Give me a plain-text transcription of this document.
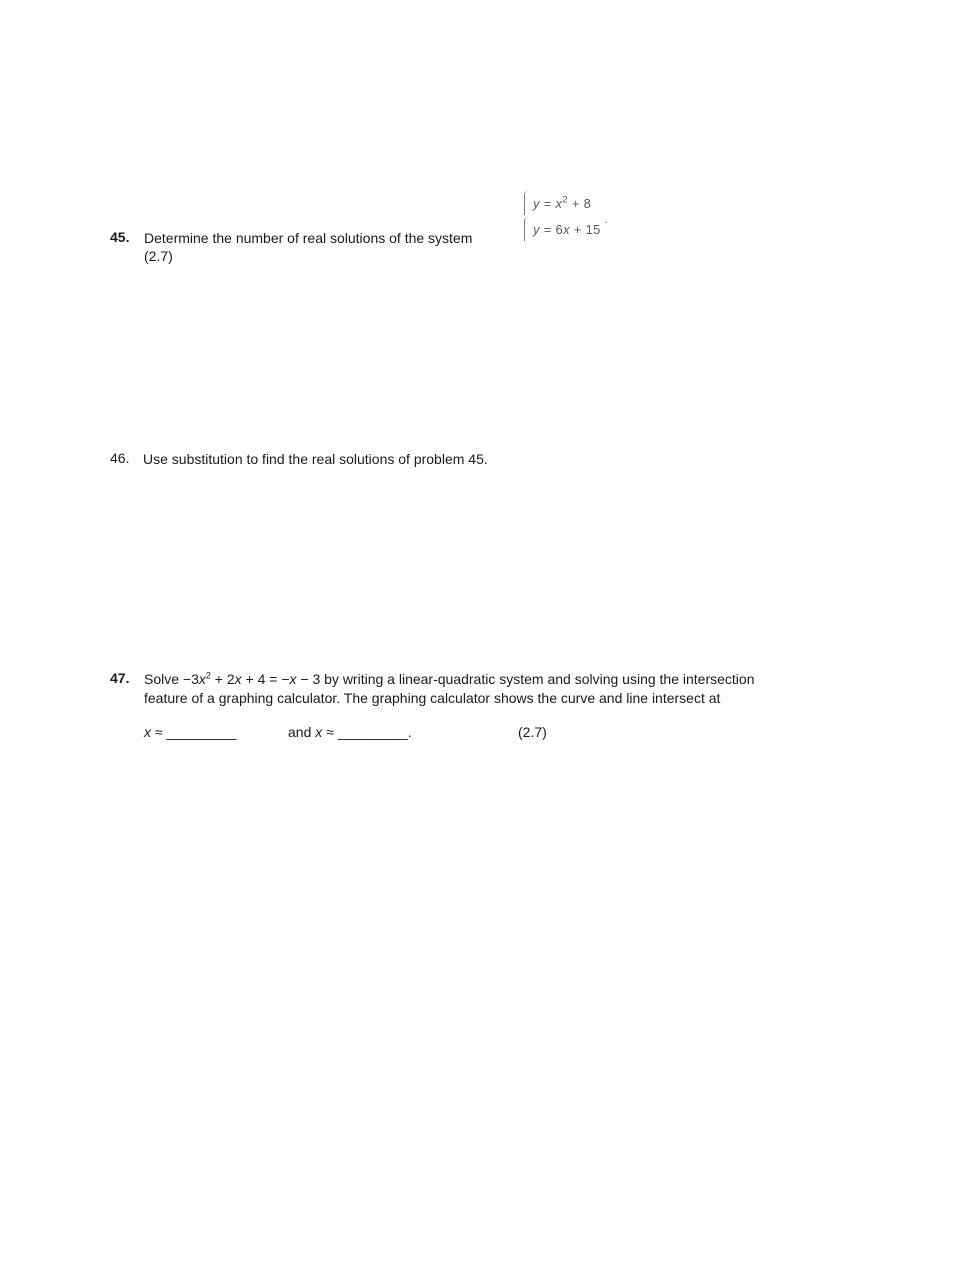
45. Determine the number of real solutions of the system
(2.7)
$y = x^2 + 8$
y = 6x + 15
.
46. Use substitution to find the real solutions of problem 45.
47. Solve $-3x^2 + 2x + 4 = -x - 3$ by writing a linear-quadratic system and solving using the intersection
feature of a graphing calculator. The graphing calculator shows the curve and line intersect at
x ≈ _________	and x ≈ _________.	(2.7)
